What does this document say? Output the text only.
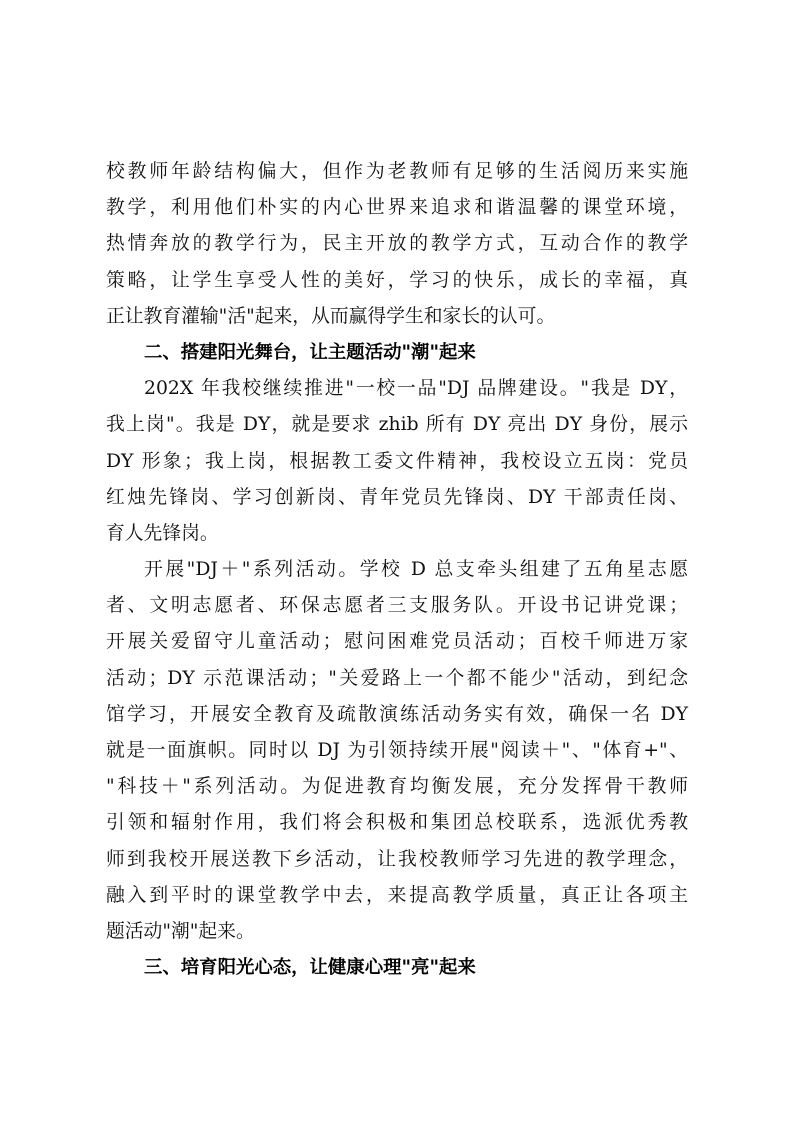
校教师年龄结构偏大，但作为老教师有足够的生活阅历来实施
教学，利用他们朴实的内心世界来追求和谐温馨的课堂环境，
热情奔放的教学行为，民主开放的教学方式，互动合作的教学
策略，让学生享受人性的美好，学习的快乐，成长的幸福，真
正让教育灌输"活"起来，从而赢得学生和家长的认可。
二、搭建阳光舞台，让主题活动"潮"起来
202X 年我校继续推进"一校一品"DJ 品牌建设。"我是 DY，
我上岗"。我是 DY，就是要求 zhib 所有 DY 亮出 DY 身份，展示
DY 形象；我上岗，根据教工委文件精神，我校设立五岗：党员
红烛先锋岗、学习创新岗、青年党员先锋岗、DY 干部责任岗、
育人先锋岗。
开展"DJ＋"系列活动。学校 D 总支牵头组建了五角星志愿
者、文明志愿者、环保志愿者三支服务队。开设书记讲党课；
开展关爱留守儿童活动；慰问困难党员活动；百校千师进万家
活动；DY 示范课活动；"关爱路上一个都不能少"活动，到纪念
馆学习，开展安全教育及疏散演练活动务实有效，确保一名 DY
就是一面旗帜。同时以 DJ 为引领持续开展"阅读＋"、"体育+"、
"科技＋"系列活动。为促进教育均衡发展，充分发挥骨干教师
引领和辐射作用，我们将会积极和集团总校联系，选派优秀教
师到我校开展送教下乡活动，让我校教师学习先进的教学理念，
融入到平时的课堂教学中去，来提高教学质量，真正让各项主
题活动"潮"起来。
三、培育阳光心态，让健康心理"亮"起来
